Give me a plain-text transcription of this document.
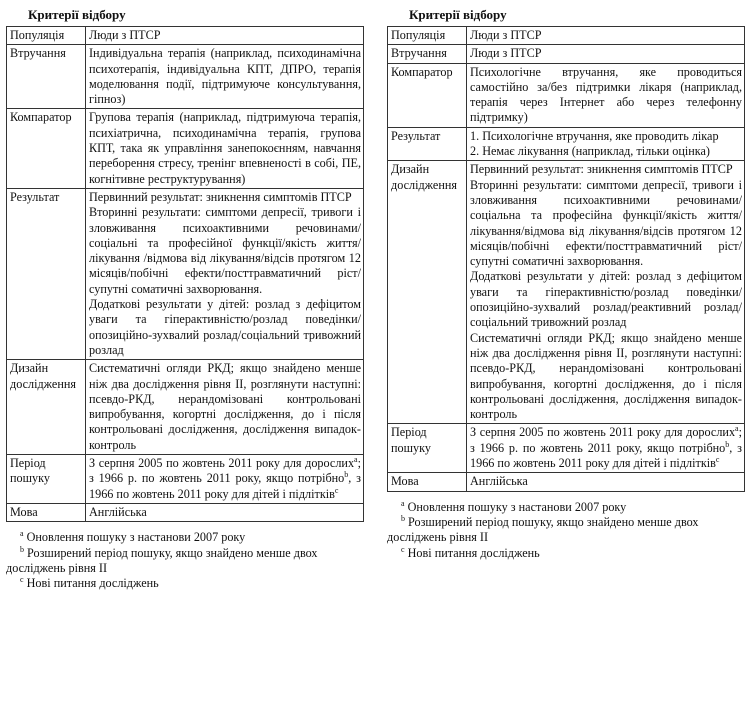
Критерії відбору
Популяція	Люди з ПТСР

Втручання	Індивідуальна терапія (наприклад, психодинамічна психотерапія, індивідуальна КПТ, ДПРО, терапія моделювання події, підтримуюче консультування, гіпноз)

Компаратор	Групова терапія (наприклад, підтримуюча терапія, психіатрична, психодинамічна терапія, групова КПТ, така як управління занепокоєнням, навчання переборення стресу, тренінг впевненості в собі, ПЕ, когнітивне реструктурування)

Результат	Первинний результат: зникнення симптомів ПТСР
Вторинні результати: симптоми депресії, тривоги і зловживання психоактивними речовинами/соціальні та професійної функції/якість життя/лікування /відмова від лікування/відсів протягом 12 місяців/побічні ефекти/посттравматичний ріст/супутні соматичні захворювання.
Додаткові результати у дітей: розлад з дефіцитом уваги та гіперактивністю/розлад поведінки/опозиційно-зухвалий розлад/соціальний тривожний розлад

Дизайн дослідження	Систематичні огляди РКД; якщо знайдено менше ніж два дослідження рівня ІІ, розглянути наступні: псевдо-РКД, нерандомізовані контрольовані випробування, когортні дослідження, до і після контрольовані дослідження, дослідження випадок-контроль

Період пошуку	З серпня 2005 по жовтень 2011 року для дорослих$^a$; з 1966 р. по жовтень 2011 року, якщо потрібно$^b$, з 1966 по жовтень 2011 року для дітей і підлітків$^c$
Мова	Англійська
$^a$ Оновлення пошуку з настанови 2007 року
$^b$ Розширений період пошуку, якщо знайдено менше двох досліджень рівня ІІ
$^c$ Нові питання досліджень
Критерії відбору
Популяція	Люди з ПТСР

Втручання	Люди з ПТСР

Компаратор	Психологічне втручання, яке проводиться самостійно за/без підтримки лікаря (наприклад, терапія через Інтернет або через телефонну підтримку)

Результат	1. Психологічне втручання, яке проводить лікар
2. Немає лікування (наприклад, тільки оцінка)

Дизайн дослідження	Первинний результат: зникнення симптомів ПТСР
Вторинні результати: симптоми депресії, тривоги і зловживання психоактивними речовинами/соціальна та професійна функції/якість життя/лікування/відмова від лікування/відсів протягом 12 місяців/побічні ефекти/посттравматичний ріст/супутні соматичні захворювання.
Додаткові результати у дітей: розлад з дефіцитом уваги та гіперактивністю/розлад поведінки/опозиційно-зухвалий розлад/реактивний розлад/соціальний тривожний розлад
Систематичні огляди РКД; якщо знайдено менше ніж два дослідження рівня ІІ, розглянути наступні: псевдо-РКД, нерандомізовані контрольовані випробування, когортні дослідження, до і після контрольовані дослідження, дослідження випадок-контроль

Період пошуку	З серпня 2005 по жовтень 2011 року для дорослих$^a$; з 1966 р. по жовтень 2011 року, якщо потрібно$^b$, з 1966 по жовтень 2011 року для дітей і підлітків$^c$
Мова	Англійська
$^a$ Оновлення пошуку з настанови 2007 року
$^b$ Розширений період пошуку, якщо знайдено менше двох досліджень рівня ІІ
$^c$ Нові питання досліджень
